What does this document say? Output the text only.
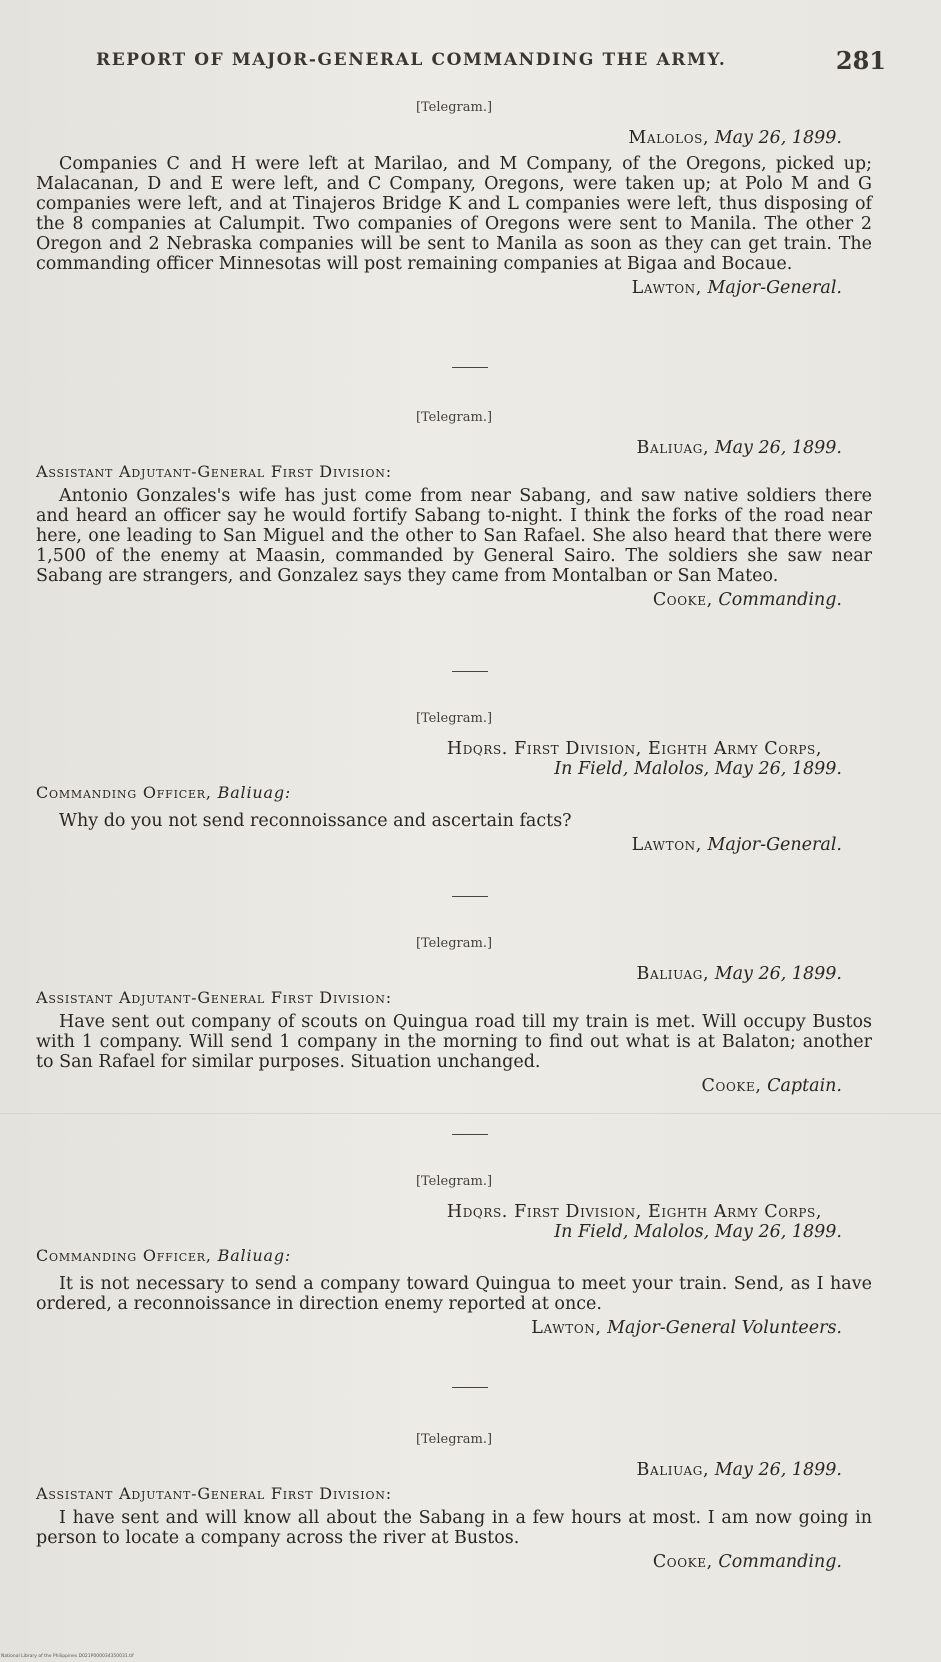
REPORT OF MAJOR-GENERAL COMMANDING THE ARMY.	281
[Telegram.]
Malolos, May 26, 1899.
Companies C and H were left at Marilao, and M Company, of the Oregons, picked up; Malacanan, D and E were left, and C Company, Oregons, were taken up; at Polo M and G companies were left, and at Tinajeros Bridge K and L companies were left, thus disposing of the 8 companies at Calumpit. Two companies of Oregons were sent to Manila. The other 2 Oregon and 2 Nebraska companies will be sent to Manila as soon as they can get train. The commanding officer Minnesotas will post remaining companies at Bigaa and Bocaue.
Lawton, Major-General.
[Telegram.]
Baliuag, May 26, 1899.
Assistant Adjutant-General First Division:
Antonio Gonzales's wife has just come from near Sabang, and saw native soldiers there and heard an officer say he would fortify Sabang to-night. I think the forks of the road near here, one leading to San Miguel and the other to San Rafael. She also heard that there were 1,500 of the enemy at Maasin, commanded by General Sairo. The soldiers she saw near Sabang are strangers, and Gonzalez says they came from Montalban or San Mateo.
Cooke, Commanding.
[Telegram.]
Hdqrs. First Division, Eighth Army Corps,
In Field, Malolos, May 26, 1899.
Commanding Officer, Baliuag:
Why do you not send reconnoissance and ascertain facts?
Lawton, Major-General.
[Telegram.]
Baliuag, May 26, 1899.
Assistant Adjutant-General First Division:
Have sent out company of scouts on Quingua road till my train is met. Will occupy Bustos with 1 company. Will send 1 company in the morning to find out what is at Balaton; another to San Rafael for similar purposes. Situation unchanged.
Cooke, Captain.
[Telegram.]
Hdqrs. First Division, Eighth Army Corps,
In Field, Malolos, May 26, 1899.
Commanding Officer, Baliuag:
It is not necessary to send a company toward Quingua to meet your train. Send, as I have ordered, a reconnoissance in direction enemy reported at once.
Lawton, Major-General Volunteers.
[Telegram.]
Baliuag, May 26, 1899.
Assistant Adjutant-General First Division:
I have sent and will know all about the Sabang in a few hours at most. I am now going in person to locate a company across the river at Bustos.
Cooke, Commanding.
National Library of the Philippines D021P000034350031.tif
